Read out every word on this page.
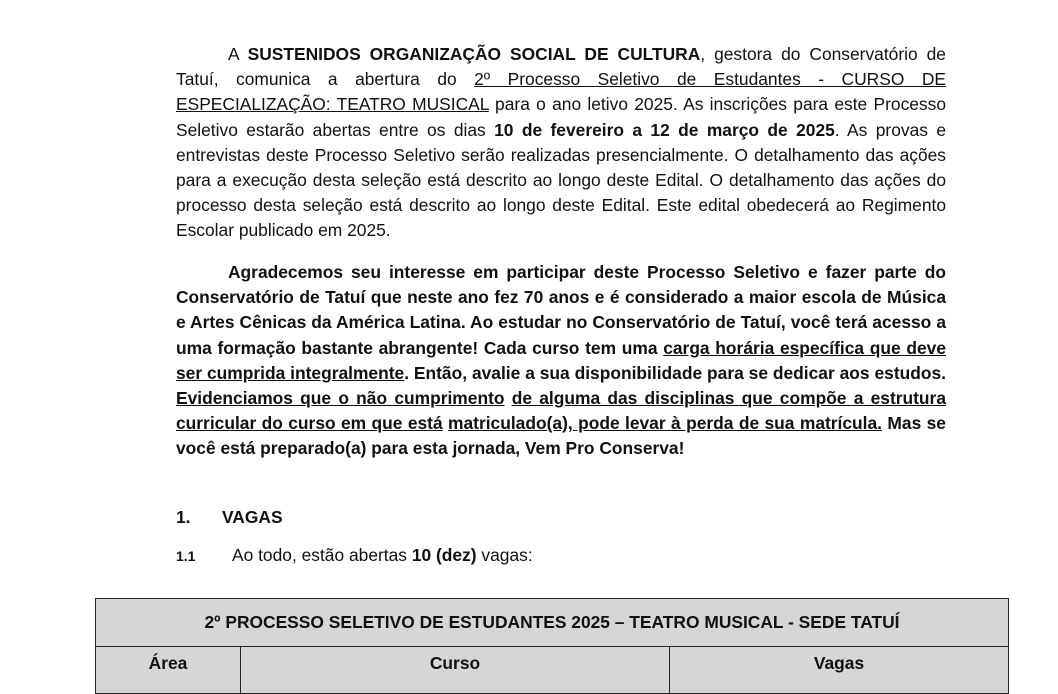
A SUSTENIDOS ORGANIZAÇÃO SOCIAL DE CULTURA, gestora do Conservatório de Tatuí, comunica a abertura do 2º Processo Seletivo de Estudantes - CURSO DE ESPECIALIZAÇÃO: TEATRO MUSICAL para o ano letivo 2025. As inscrições para este Processo Seletivo estarão abertas entre os dias 10 de fevereiro a 12 de março de 2025. As provas e entrevistas deste Processo Seletivo serão realizadas presencialmente. O detalhamento das ações para a execução desta seleção está descrito ao longo deste Edital. O detalhamento das ações do processo desta seleção está descrito ao longo deste Edital. Este edital obedecerá ao Regimento Escolar publicado em 2025.

Agradecemos seu interesse em participar deste Processo Seletivo e fazer parte do Conservatório de Tatuí que neste ano fez 70 anos e é considerado a maior escola de Música e Artes Cênicas da América Latina. Ao estudar no Conservatório de Tatuí, você terá acesso a uma formação bastante abrangente! Cada curso tem uma carga horária específica que deve ser cumprida integralmente. Então, avalie a sua disponibilidade para se dedicar aos estudos. Evidenciamos que o não cumprimento de alguma das disciplinas que compõe a estrutura curricular do curso em que está matriculado(a), pode levar à perda de sua matrícula. Mas se você está preparado(a) para esta jornada, Vem Pro Conserva!

1. VAGAS

1.1 Ao todo, estão abertas 10 (dez) vagas:

2º PROCESSO SELETIVO DE ESTUDANTES 2025 – TEATRO MUSICAL - SEDE TATUÍ
Área	Curso	Vagas
